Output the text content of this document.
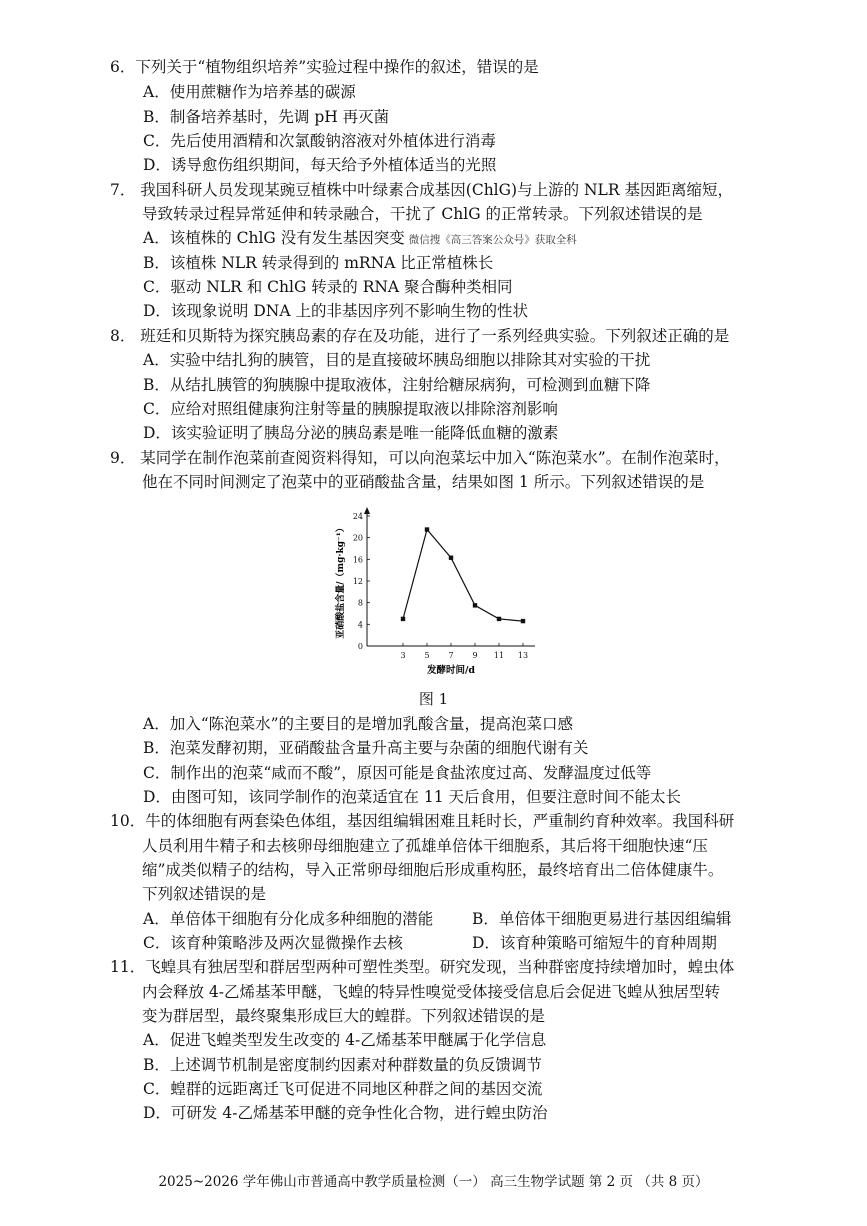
6．下列关于“植物组织培养”实验过程中操作的叙述，错误的是
A．使用蔗糖作为培养基的碳源
B．制备培养基时，先调 pH 再灭菌
C．先后使用酒精和次氯酸钠溶液对外植体进行消毒
D．诱导愈伤组织期间，每天给予外植体适当的光照
7． 我国科研人员发现某豌豆植株中叶绿素合成基因(ChlG)与上游的 NLR 基因距离缩短，
导致转录过程异常延伸和转录融合，干扰了 ChlG 的正常转录。下列叙述错误的是
A．该植株的 ChlG 没有发生基因突变 微信搜《高三答案公众号》获取全科
B．该植株 NLR 转录得到的 mRNA 比正常植株长
C．驱动 NLR 和 ChlG 转录的 RNA 聚合酶种类相同
D．该现象说明 DNA 上的非基因序列不影响生物的性状
8． 班廷和贝斯特为探究胰岛素的存在及功能，进行了一系列经典实验。下列叙述正确的是
A．实验中结扎狗的胰管，目的是直接破坏胰岛细胞以排除其对实验的干扰
B．从结扎胰管的狗胰腺中提取液体，注射给糖尿病狗，可检测到血糖下降
C．应给对照组健康狗注射等量的胰腺提取液以排除溶剂影响
D．该实验证明了胰岛分泌的胰岛素是唯一能降低血糖的激素
9． 某同学在制作泡菜前查阅资料得知，可以向泡菜坛中加入“陈泡菜水”。在制作泡菜时，
他在不同时间测定了泡菜中的亚硝酸盐含量，结果如图 1 所示。下列叙述错误的是
0
4
8
12
16
20
24
3 5 7 9 11 13
亚硝酸盐含量/（mg·kg⁻¹）
发酵时间/d
图 1
A．加入“陈泡菜水”的主要目的是增加乳酸含量，提高泡菜口感
B．泡菜发酵初期，亚硝酸盐含量升高主要与杂菌的细胞代谢有关
C．制作出的泡菜“咸而不酸”，原因可能是食盐浓度过高、发酵温度过低等
D．由图可知，该同学制作的泡菜适宜在 11 天后食用，但要注意时间不能太长
10．牛的体细胞有两套染色体组，基因组编辑困难且耗时长，严重制约育种效率。我国科研
人员利用牛精子和去核卵母细胞建立了孤雄单倍体干细胞系，其后将干细胞快速“压
缩”成类似精子的结构，导入正常卵母细胞后形成重构胚，最终培育出二倍体健康牛。
下列叙述错误的是
A．单倍体干细胞有分化成多种细胞的潜能	B．单倍体干细胞更易进行基因组编辑
C．该育种策略涉及两次显微操作去核	D．该育种策略可缩短牛的育种周期
11．飞蝗具有独居型和群居型两种可塑性类型。研究发现，当种群密度持续增加时，蝗虫体
内会释放 4-乙烯基苯甲醚，飞蝗的特异性嗅觉受体接受信息后会促进飞蝗从独居型转
变为群居型，最终聚集形成巨大的蝗群。下列叙述错误的是
A．促进飞蝗类型发生改变的 4-乙烯基苯甲醚属于化学信息
B．上述调节机制是密度制约因素对种群数量的负反馈调节
C．蝗群的远距离迁飞可促进不同地区种群之间的基因交流
D．可研发 4-乙烯基苯甲醚的竞争性化合物，进行蝗虫防治
2025~2026 学年佛山市普通高中教学质量检测（一） 高三生物学试题 第 2 页 （共 8 页）
